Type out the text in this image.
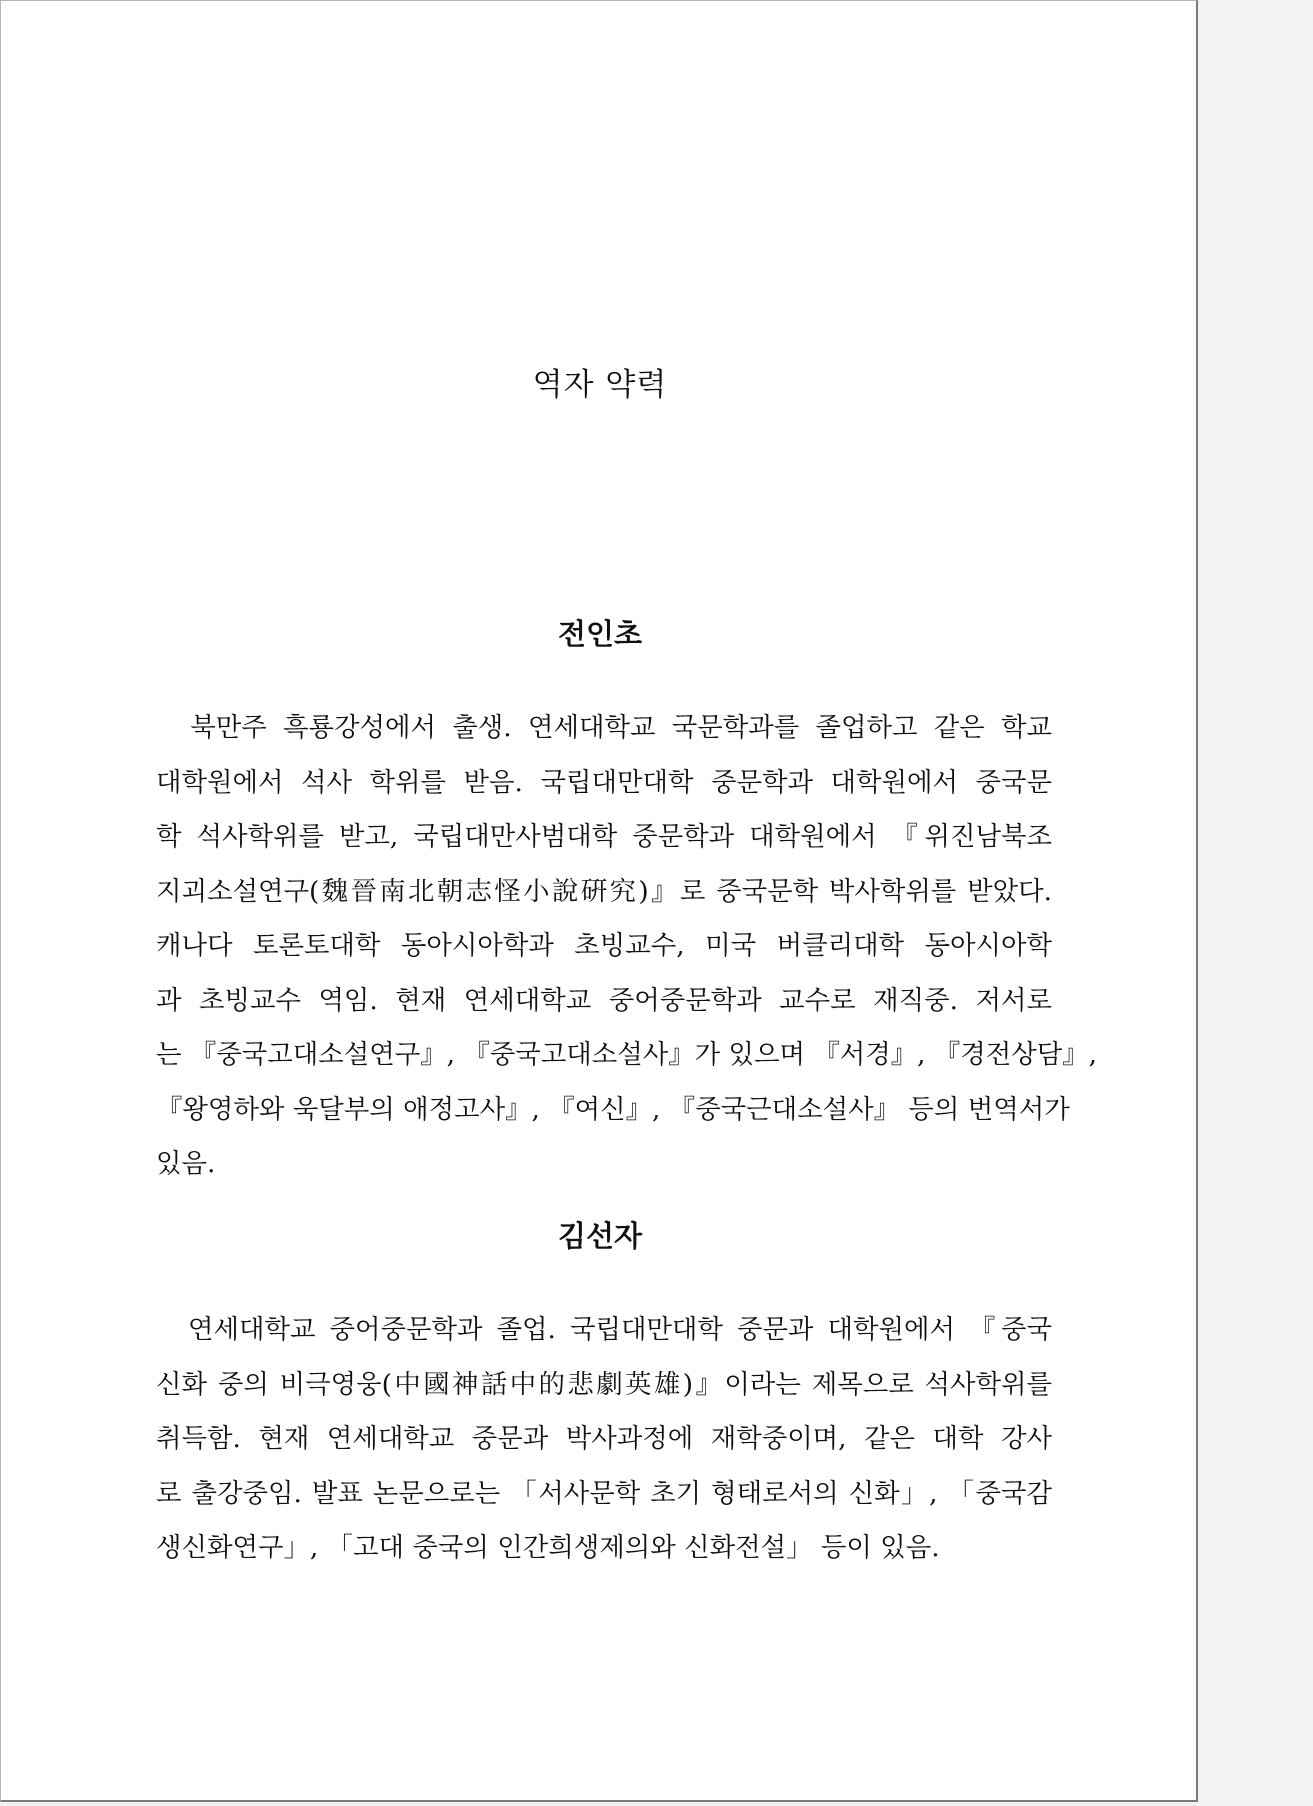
역자 약력
전인초
　북만주 흑룡강성에서 출생. 연세대학교 국문학과를 졸업하고 같은 학교
대학원에서 석사 학위를 받음. 국립대만대학 중문학과 대학원에서 중국문
학 석사학위를 받고, 국립대만사범대학 중문학과 대학원에서 『위진남북조
지괴소설연구(魏晉南北朝志怪小說硏究)』로 중국문학 박사학위를 받았다.
캐나다 토론토대학 동아시아학과 초빙교수, 미국 버클리대학 동아시아학
과 초빙교수 역임. 현재 연세대학교 중어중문학과 교수로 재직중. 저서로
는 『중국고대소설연구』, 『중국고대소설사』가 있으며 『서경』, 『경전상담』,
『왕영하와 욱달부의 애정고사』, 『여신』, 『중국근대소설사』 등의 번역서가
있음.
김선자
　연세대학교 중어중문학과 졸업. 국립대만대학 중문과 대학원에서 『중국
신화 중의 비극영웅(中國神話中的悲劇英雄)』이라는 제목으로 석사학위를
취득함. 현재 연세대학교 중문과 박사과정에 재학중이며, 같은 대학 강사
로 출강중임. 발표 논문으로는 「서사문학 초기 형태로서의 신화」, 「중국감
생신화연구」, 「고대 중국의 인간희생제의와 신화전설」 등이 있음.
